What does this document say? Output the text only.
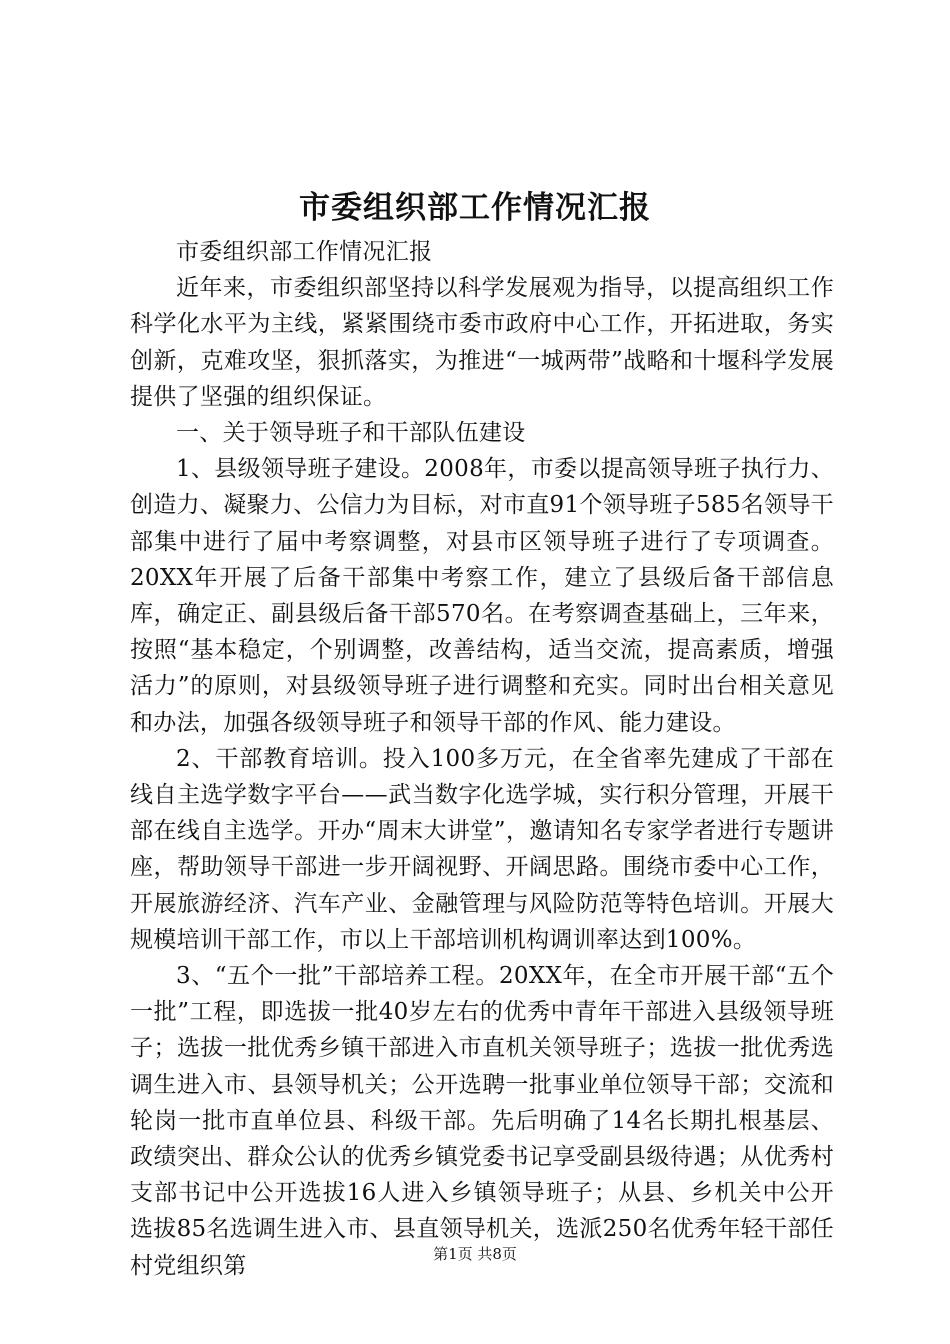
市委组织部工作情况汇报

市委组织部工作情况汇报

近年来，市委组织部坚持以科学发展观为指导，以提高组织工作科学化水平为主线，紧紧围绕市委市政府中心工作，开拓进取，务实创新，克难攻坚，狠抓落实，为推进“一城两带”战略和十堰科学发展提供了坚强的组织保证。

一、关于领导班子和干部队伍建设

1、县级领导班子建设。2008年，市委以提高领导班子执行力、创造力、凝聚力、公信力为目标，对市直91个领导班子585名领导干部集中进行了届中考察调整，对县市区领导班子进行了专项调查。20XX年开展了后备干部集中考察工作，建立了县级后备干部信息库，确定正、副县级后备干部570名。在考察调查基础上，三年来，按照“基本稳定，个别调整，改善结构，适当交流，提高素质，增强活力”的原则，对县级领导班子进行调整和充实。同时出台相关意见和办法，加强各级领导班子和领导干部的作风、能力建设。

2、干部教育培训。投入100多万元，在全省率先建成了干部在线自主选学数字平台——武当数字化选学城，实行积分管理，开展干部在线自主选学。开办“周末大讲堂”，邀请知名专家学者进行专题讲座，帮助领导干部进一步开阔视野、开阔思路。围绕市委中心工作，开展旅游经济、汽车产业、金融管理与风险防范等特色培训。开展大规模培训干部工作，市以上干部培训机构调训率达到100%。

3、“五个一批”干部培养工程。20XX年，在全市开展干部“五个一批”工程，即选拔一批40岁左右的优秀中青年干部进入县级领导班子；选拔一批优秀乡镇干部进入市直机关领导班子；选拔一批优秀选调生进入市、县领导机关；公开选聘一批事业单位领导干部；交流和轮岗一批市直单位县、科级干部。先后明确了14名长期扎根基层、政绩突出、群众公认的优秀乡镇党委书记享受副县级待遇；从优秀村支部书记中公开选拔16人进入乡镇领导班子；从县、乡机关中公开选拔85名选调生进入市、县直领导机关，选派250名优秀年轻干部任村党组织第	第1页 共8页
